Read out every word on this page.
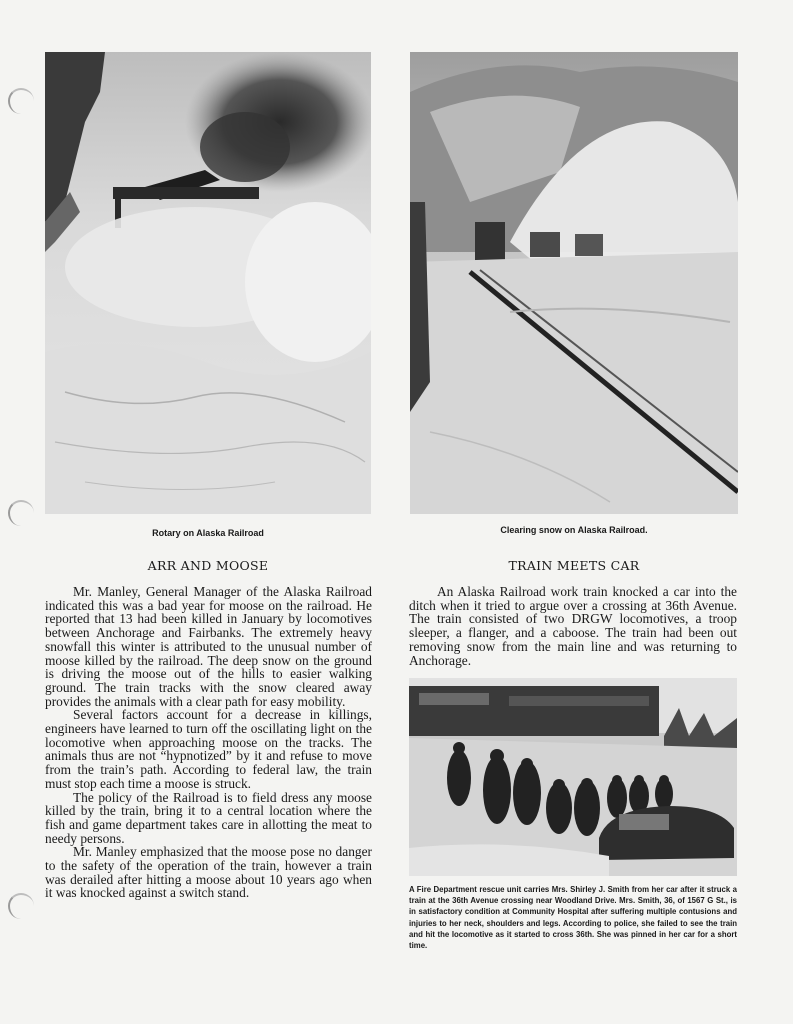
Rotary on Alaska Railroad	Clearing snow on Alaska Railroad.
ARR AND MOOSE

Mr. Manley, General Manager of the Alaska Railroad indicated this was a bad year for moose on the railroad. He reported that 13 had been killed in January by locomotives between Anchorage and Fairbanks. The extremely heavy snowfall this winter is attributed to the unusual number of moose killed by the railroad. The deep snow on the ground is driving the moose out of the hills to easier walking ground. The train tracks with the snow cleared away provides the animals with a clear path for easy mobility.

Several factors account for a decrease in killings, engineers have learned to turn off the oscillating light on the locomotive when approaching moose on the tracks. The animals thus are not “hypnotized” by it and refuse to move from the train’s path. According to federal law, the train must stop each time a moose is struck.

The policy of the Railroad is to field dress any moose killed by the train, bring it to a central location where the fish and game department takes care in allotting the meat to needy persons.

Mr. Manley emphasized that the moose pose no danger to the safety of the operation of the train, however a train was derailed after hitting a moose about 10 years ago when it was knocked against a switch stand.

TRAIN MEETS CAR

An Alaska Railroad work train knocked a car into the ditch when it tried to argue over a crossing at 36th Avenue. The train consisted of two DRGW locomotives, a troop sleeper, a flanger, and a caboose. The train had been out removing snow from the main line and was returning to Anchorage.

A Fire Department rescue unit carries Mrs. Shirley J. Smith from her car after it struck a train at the 36th Avenue crossing near Woodland Drive. Mrs. Smith, 36, of 1567 G St., is in satisfactory condition at Community Hospital after suffering multiple contusions and injuries to her neck, shoulders and legs. According to police, she failed to see the train and hit the locomotive as it started to cross 36th. She was pinned in her car for a short time.
